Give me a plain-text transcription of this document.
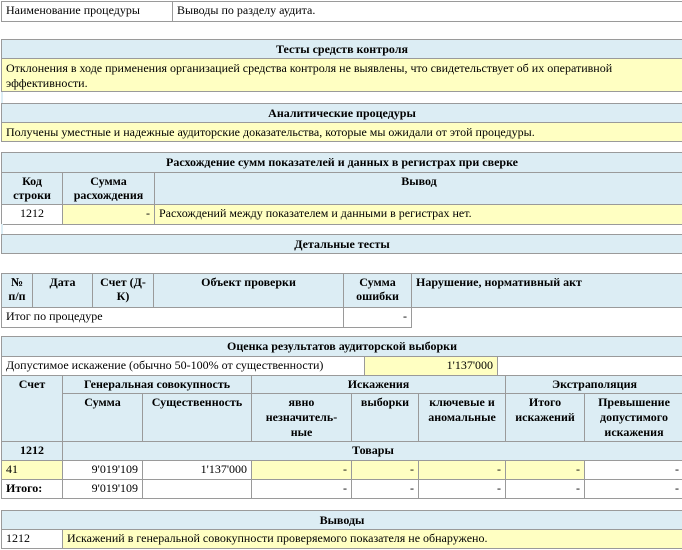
Наименование процедуры	Выводы по разделу аудита.
Тесты средств контроля
Отклонения в ходе применения организацией средства контроля не выявлены, что свидетельствует об их оперативной эффективности.
Аналитические процедуры
Получены уместные и надежные аудиторские доказательства, которые мы ожидали от этой процедуры.
Расхождение сумм показателей и данных в регистрах при сверке
Код строки	Сумма расхождения	Вывод
1212	-	Расхождений между показателем и данными в регистрах нет.
Детальные тесты
№ п/п	Дата	Счет (Д-К)	Объект проверки	Сумма ошибки	Нарушение, нормативный акт
Итог по процедуре				-	
Оценка результатов аудиторской выборки
Допустимое искажение (обычно 50-100% от существенности)	1'137'000
Счет	Генеральная совокупность		Искажения			Экстраполяция	
	Сумма	Существенность	явно незначитель-ные	выборки	ключевые и аномальные	Итого искажений	Превышение допустимого искажения
1212	Товары						
41	9'019'109	1'137'000	-	-	-	-	-
Итого:	9'019'109		-	-	-	-	-
Выводы
1212	Искажений в генеральной совокупности проверяемого показателя не обнаружено.
